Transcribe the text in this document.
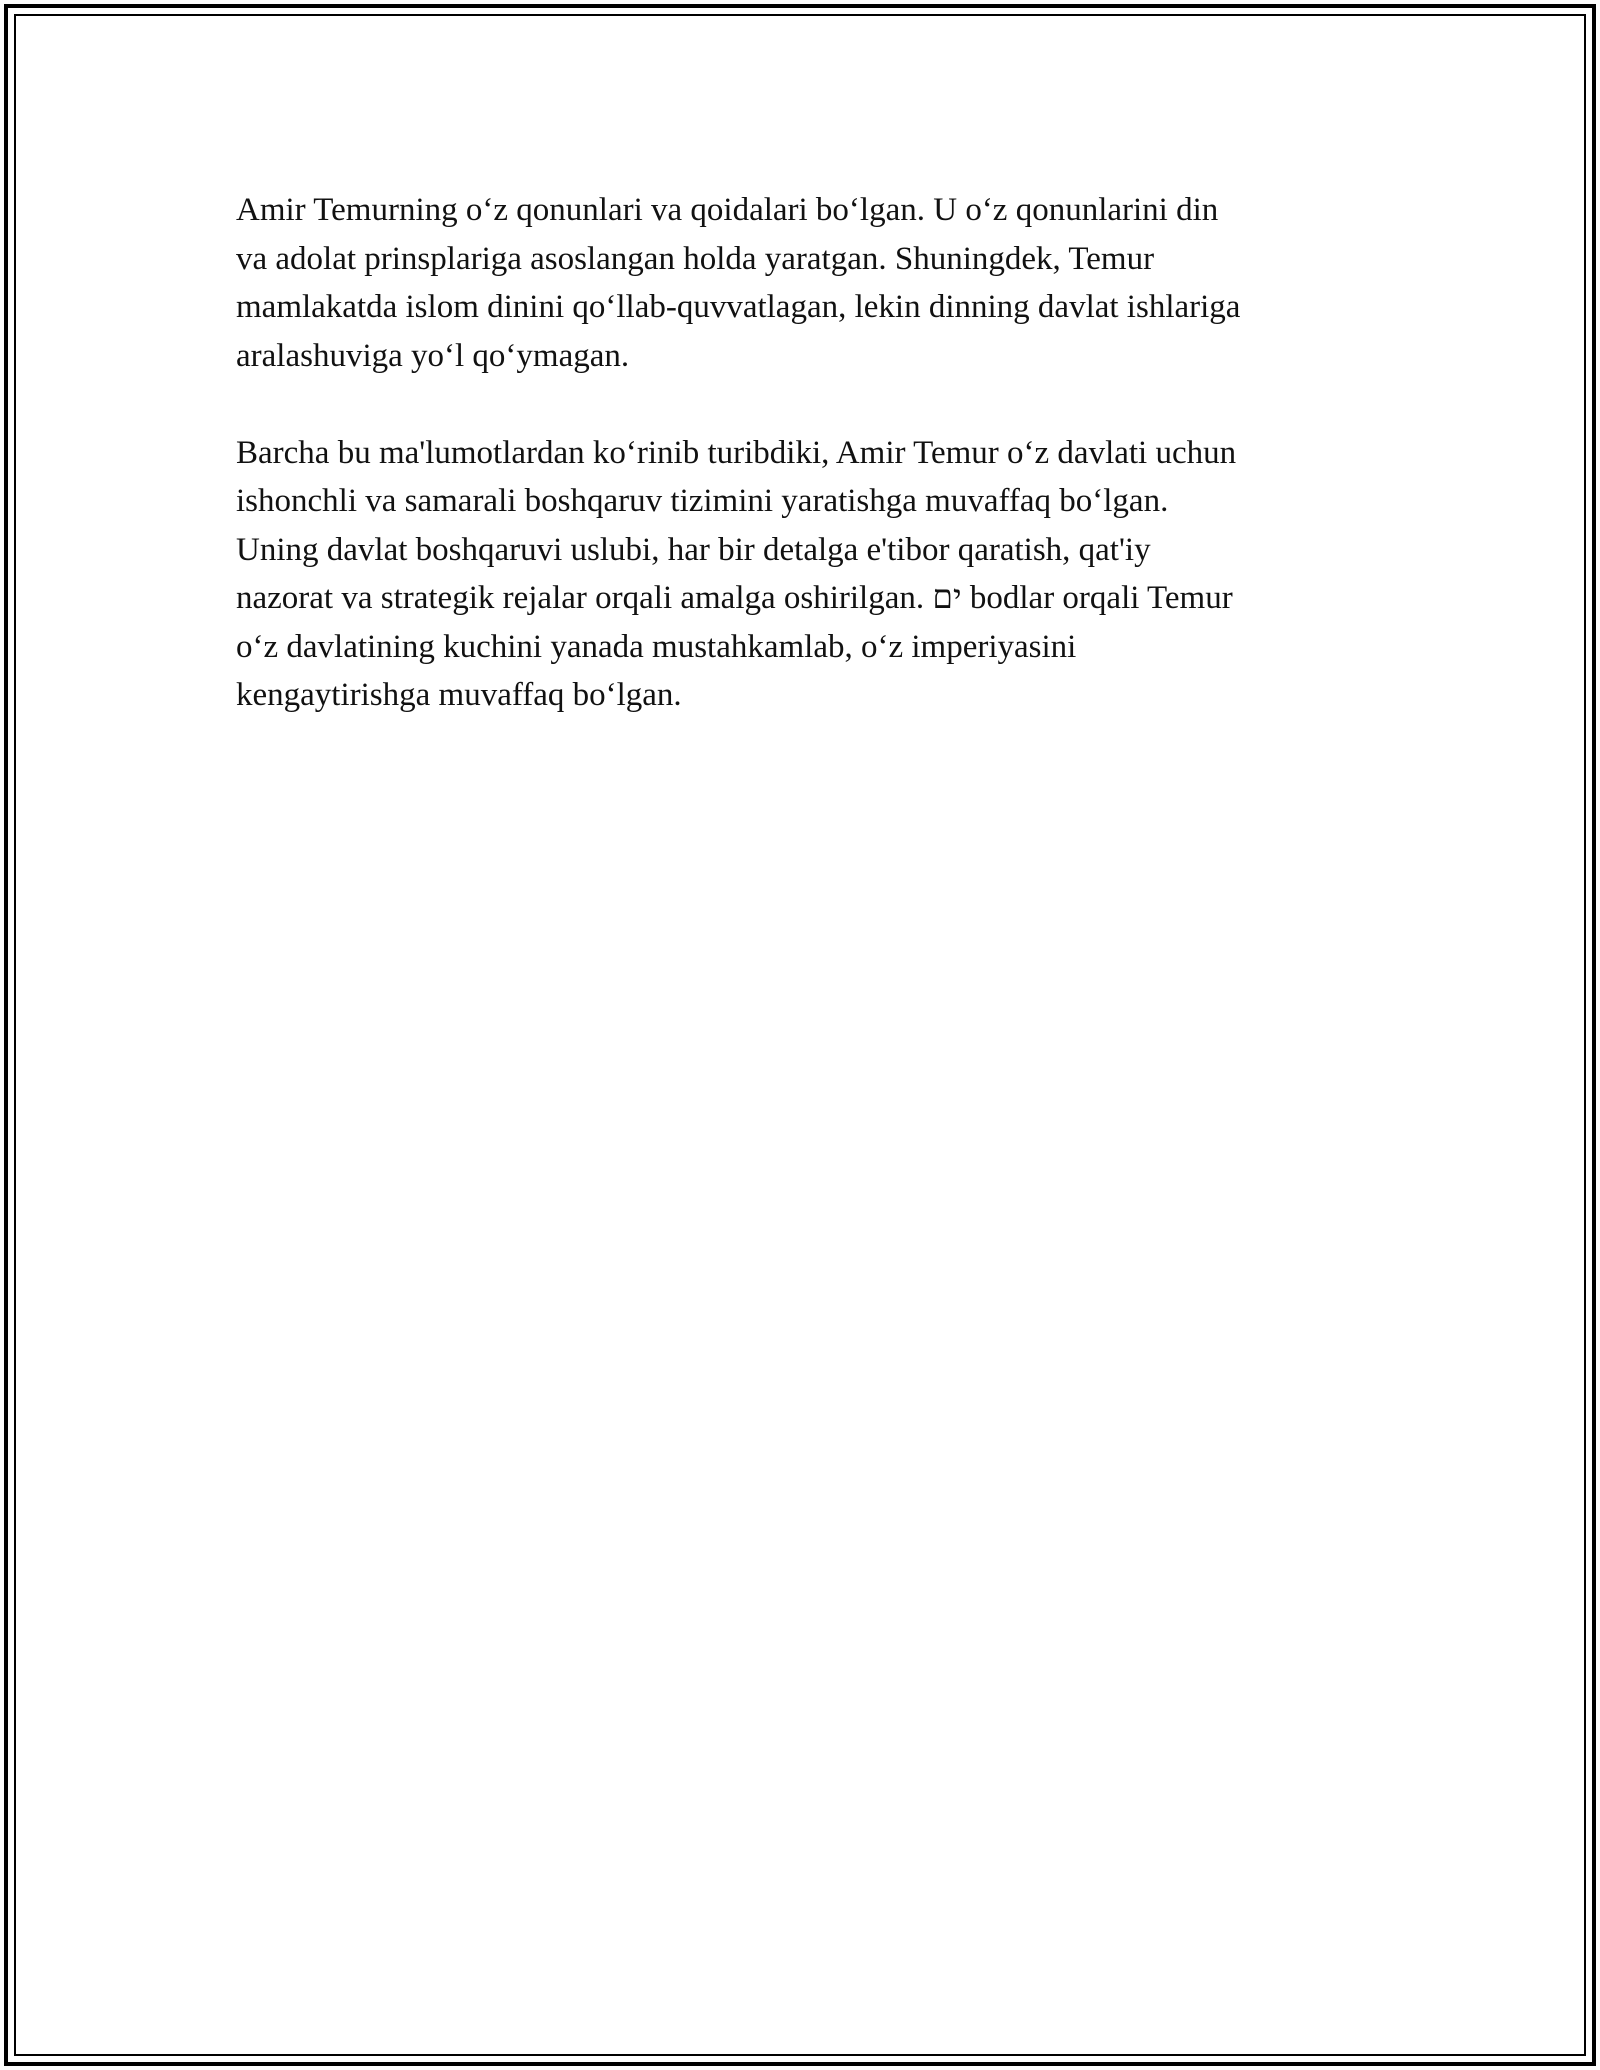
Amir Temurning o‘z qonunlari va qoidalari bo‘lgan. U o‘z qonunlarini din
va adolat prinsplariga asoslangan holda yaratgan. Shuningdek, Temur
mamlakatda islom dinini qo‘llab-quvvatlagan, lekin dinning davlat ishlariga
aralashuviga yo‘l qo‘ymagan.

Barcha bu ma'lumotlardan ko‘rinib turibdiki, Amir Temur o‘z davlati uchun
ishonchli va samarali boshqaruv tizimini yaratishga muvaffaq bo‘lgan.
Uning davlat boshqaruvi uslubi, har bir detalga e'tibor qaratish, qat'iy
nazorat va strategik rejalar orqali amalga oshirilgan. ים bodlar orqali Temur
o‘z davlatining kuchini yanada mustahkamlab, o‘z imperiyasini
kengaytirishga muvaffaq bo‘lgan.
